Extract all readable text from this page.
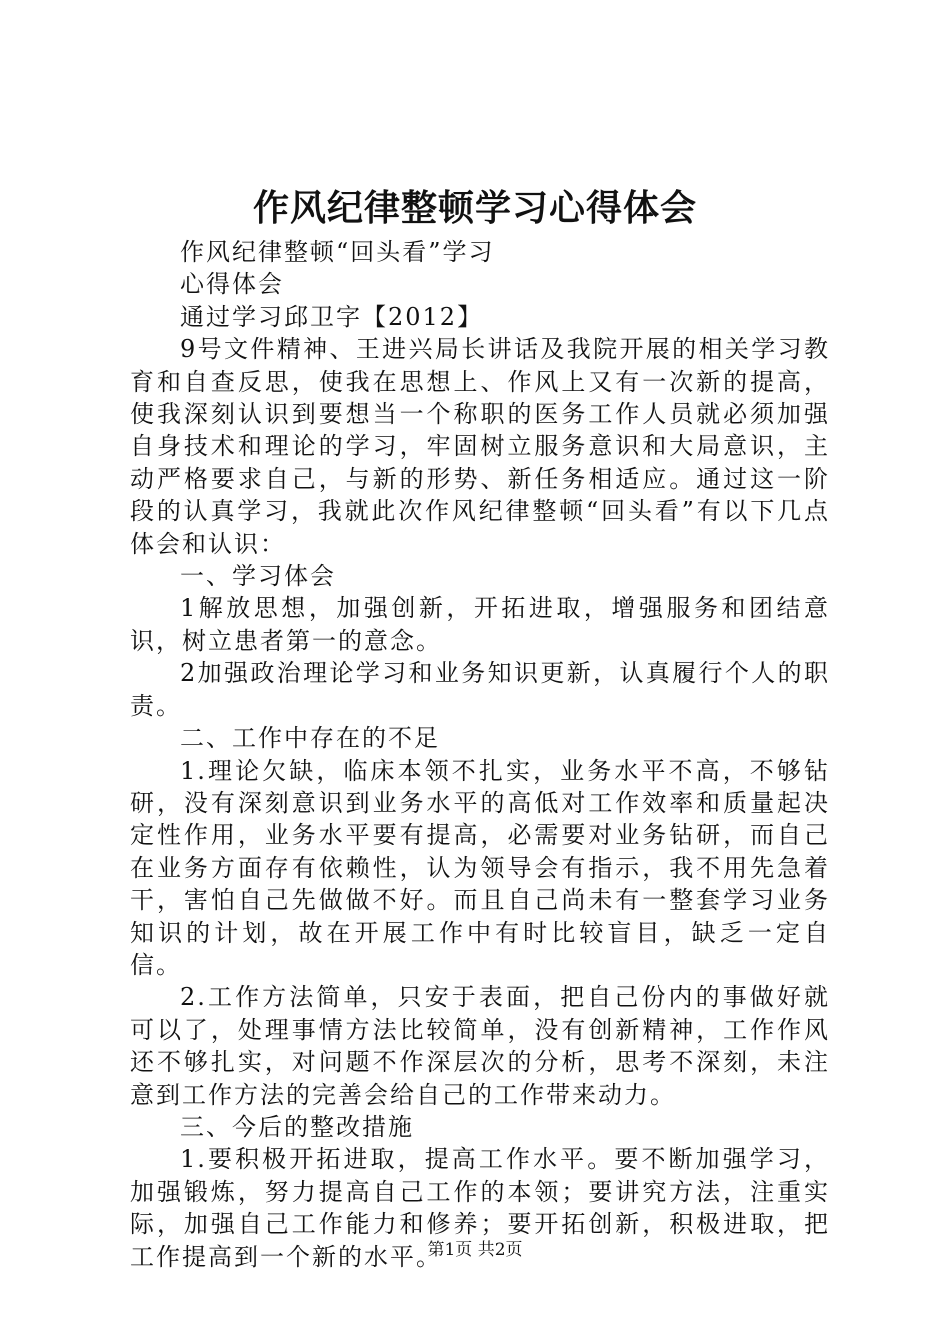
作风纪律整顿学习心得体会

作风纪律整顿“回头看”学习

心得体会

通过学习邱卫字【2012】

9号文件精神、王进兴局长讲话及我院开展的相关学习教育和自查反思，使我在思想上、作风上又有一次新的提高，使我深刻认识到要想当一个称职的医务工作人员就必须加强自身技术和理论的学习，牢固树立服务意识和大局意识，主动严格要求自己，与新的形势、新任务相适应。通过这一阶段的认真学习，我就此次作风纪律整顿“回头看”有以下几点体会和认识：

一、学习体会

1解放思想，加强创新，开拓进取，增强服务和团结意识，树立患者第一的意念。

2加强政治理论学习和业务知识更新，认真履行个人的职责。

二、工作中存在的不足

1.理论欠缺，临床本领不扎实，业务水平不高，不够钻研，没有深刻意识到业务水平的高低对工作效率和质量起决定性作用，业务水平要有提高，必需要对业务钻研，而自己在业务方面存有依赖性，认为领导会有指示，我不用先急着干，害怕自己先做做不好。而且自己尚未有一整套学习业务知识的计划，故在开展工作中有时比较盲目，缺乏一定自信。

2.工作方法简单，只安于表面，把自己份内的事做好就可以了，处理事情方法比较简单，没有创新精神，工作作风还不够扎实，对问题不作深层次的分析，思考不深刻，未注意到工作方法的完善会给自己的工作带来动力。

三、今后的整改措施

1.要积极开拓进取，提高工作水平。要不断加强学习，加强锻炼，努力提高自己工作的本领；要讲究方法，注重实际，加强自己工作能力和修养；要开拓创新，积极进取，把工作提高到一个新的水平。

第1页 共2页
